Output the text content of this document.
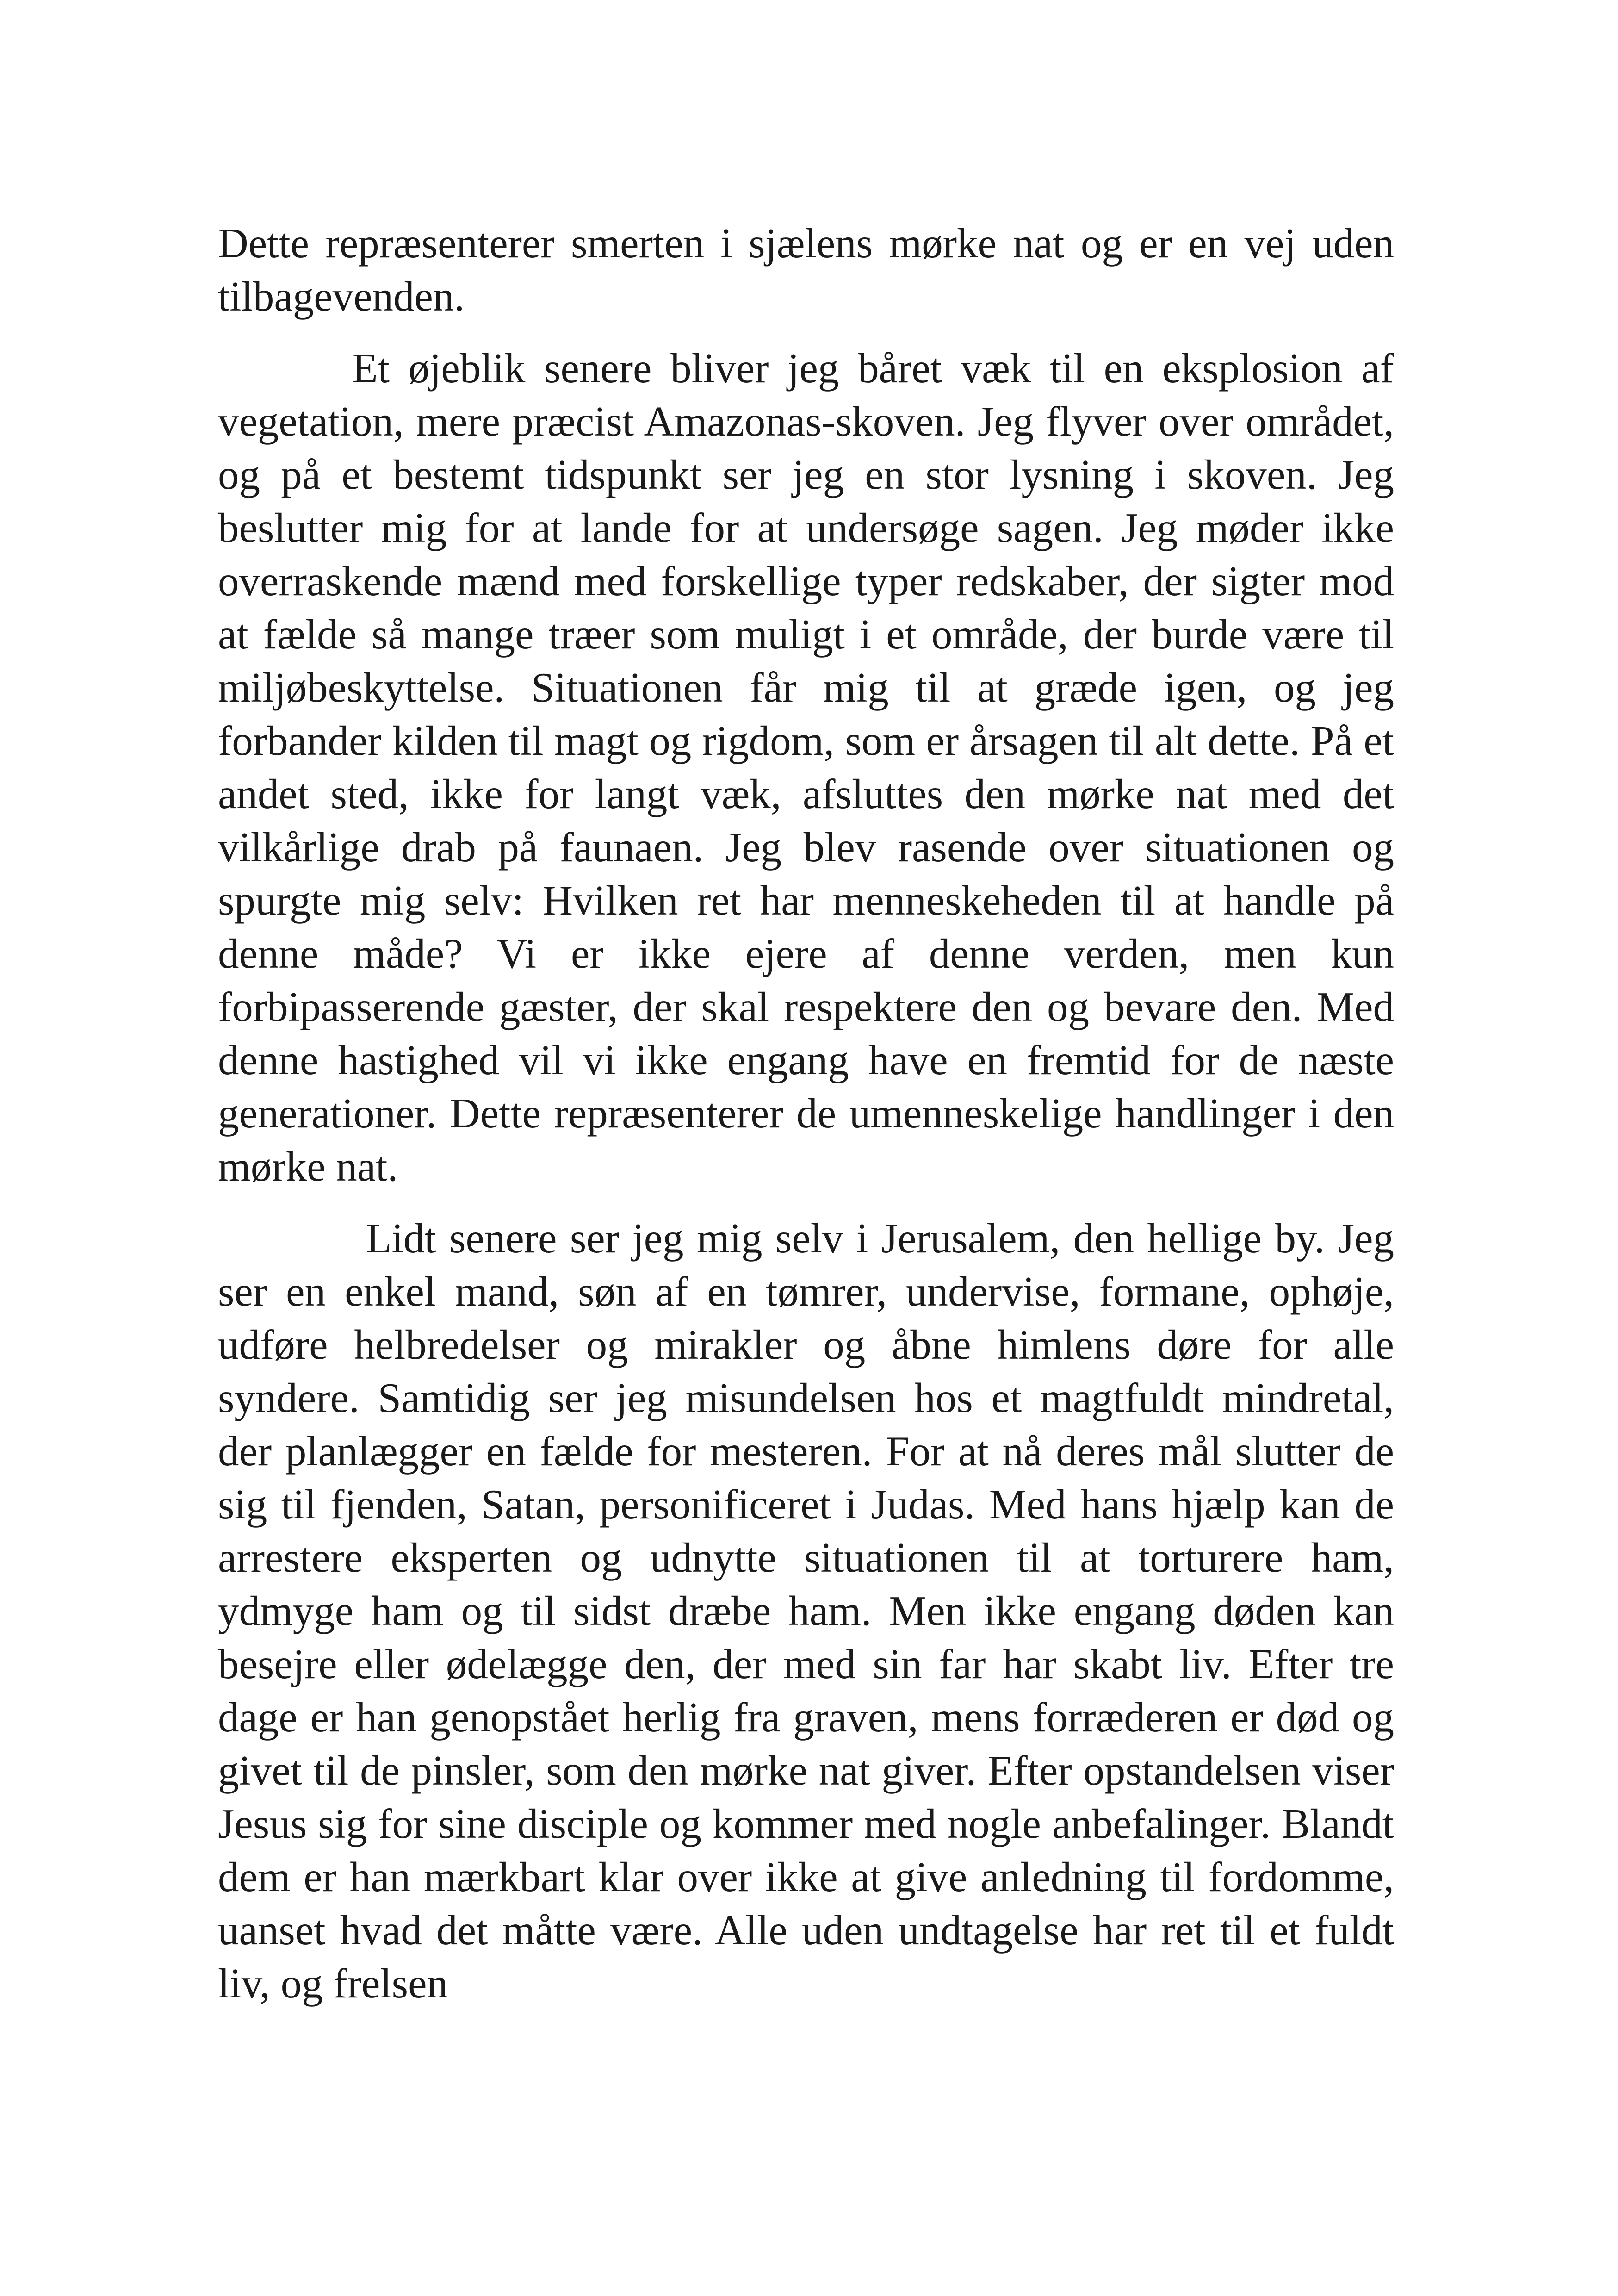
Dette repræsenterer smerten i sjælens mørke nat og er en vej uden tilbagevenden.

Et øjeblik senere bliver jeg båret væk til en eksplosion af vegetation, mere præcist Amazonas-skoven. Jeg flyver over området, og på et bestemt tidspunkt ser jeg en stor lysning i skoven. Jeg beslutter mig for at lande for at undersøge sagen. Jeg møder ikke overraskende mænd med forskellige typer redskaber, der sigter mod at fælde så mange træer som muligt i et område, der burde være til miljøbeskyttelse. Situationen får mig til at græde igen, og jeg forbander kilden til magt og rigdom, som er årsagen til alt dette. På et andet sted, ikke for langt væk, afsluttes den mørke nat med det vilkårlige drab på faunaen. Jeg blev rasende over situationen og spurgte mig selv: Hvilken ret har menneskeheden til at handle på denne måde? Vi er ikke ejere af denne verden, men kun forbipasserende gæster, der skal respektere den og bevare den. Med denne hastighed vil vi ikke engang have en fremtid for de næste generationer. Dette repræsenterer de umenneskelige handlinger i den mørke nat.

Lidt senere ser jeg mig selv i Jerusalem, den hellige by. Jeg ser en enkel mand, søn af en tømrer, undervise, formane, ophøje, udføre helbredelser og mirakler og åbne himlens døre for alle syndere. Samtidig ser jeg misundelsen hos et magtfuldt mindretal, der planlægger en fælde for mesteren. For at nå deres mål slutter de sig til fjenden, Satan, personificeret i Judas. Med hans hjælp kan de arrestere eksperten og udnytte situationen til at torturere ham, ydmyge ham og til sidst dræbe ham. Men ikke engang døden kan besejre eller ødelægge den, der med sin far har skabt liv. Efter tre dage er han genopstået herlig fra graven, mens forræderen er død og givet til de pinsler, som den mørke nat giver. Efter opstandelsen viser Jesus sig for sine disciple og kommer med nogle anbefalinger. Blandt dem er han mærkbart klar over ikke at give anledning til fordomme, uanset hvad det måtte være. Alle uden undtagelse har ret til et fuldt liv, og frelsen
